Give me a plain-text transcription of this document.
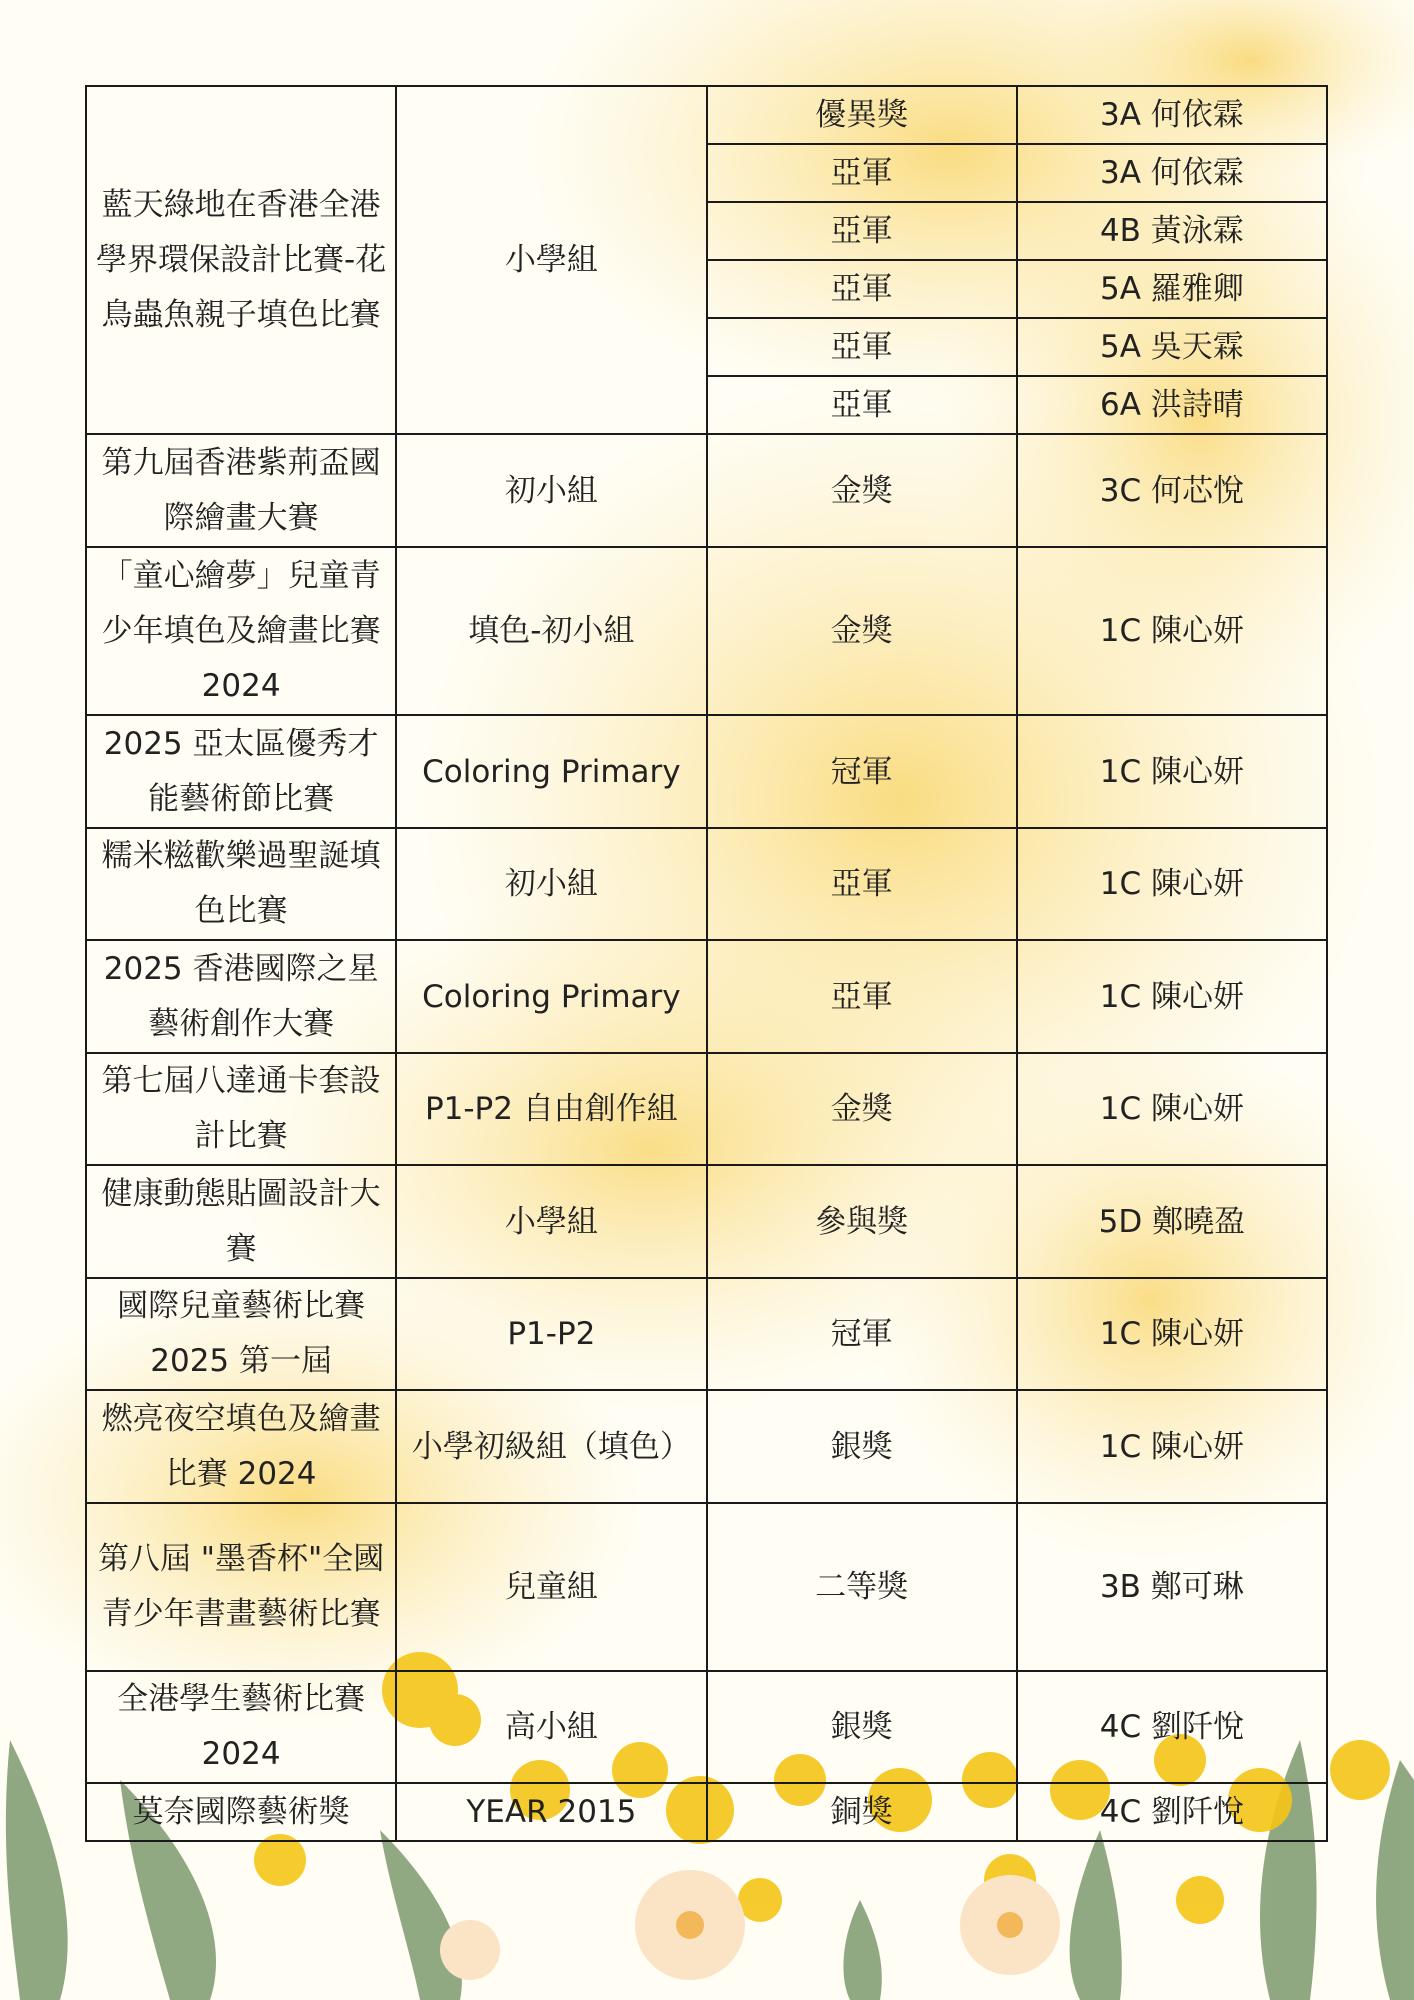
藍天綠地在香港全港學界環保設計比賽-花鳥蟲魚親子填色比賽	小學組	優異獎	3A 何依霖
		亞軍	3A 何依霖
		亞軍	4B 黃泳霖
		亞軍	5A 羅雅卿
		亞軍	5A 吳天霖
		亞軍	6A 洪詩晴
第九屆香港紫荊盃國際繪畫大賽	初小組	金獎	3C 何芯悅
「童心繪夢」兒童青少年填色及繪畫比賽 2024	填色-初小組	金獎	1C 陳心妍
2025 亞太區優秀才能藝術節比賽	Coloring Primary	冠軍	1C 陳心妍
糯米糍歡樂過聖誕填色比賽	初小組	亞軍	1C 陳心妍
2025 香港國際之星藝術創作大賽	Coloring Primary	亞軍	1C 陳心妍
第七屆八達通卡套設計比賽	P1-P2 自由創作組	金獎	1C 陳心妍
健康動態貼圖設計大賽	小學組	參與獎	5D 鄭曉盈
國際兒童藝術比賽2025 第一屆	P1-P2	冠軍	1C 陳心妍
燃亮夜空填色及繪畫比賽 2024	小學初級組（填色）	銀獎	1C 陳心妍
第八屆 "墨香杯"全國青少年書畫藝術比賽	兒童組	二等獎	3B 鄭可琳
全港學生藝術比賽2024	高小組	銀獎	4C 劉阡悅
莫奈國際藝術獎	YEAR 2015	銅獎	4C 劉阡悅
